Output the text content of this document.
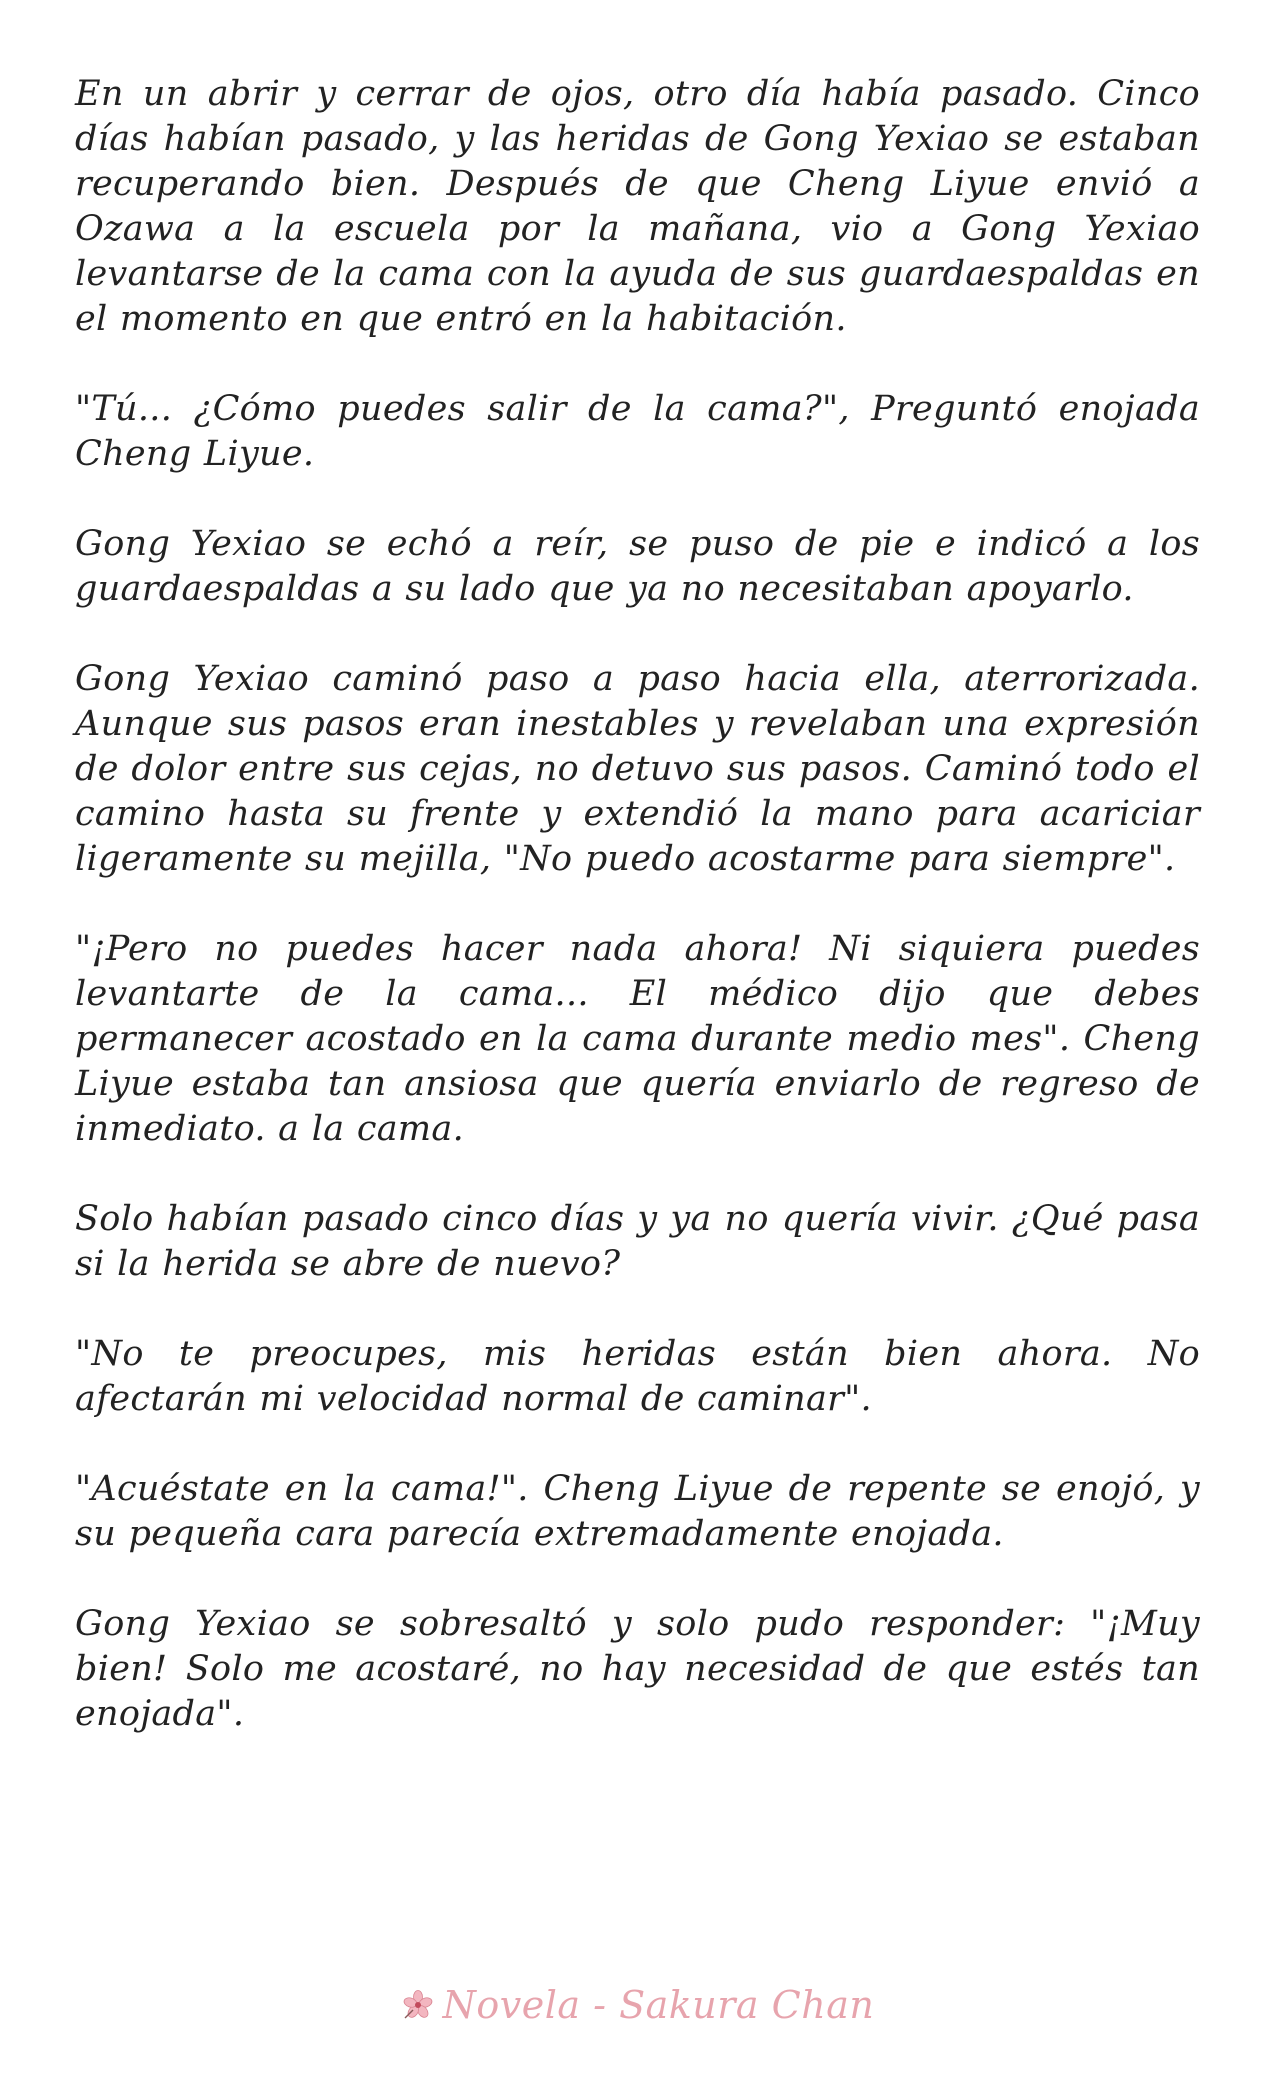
En un abrir y cerrar de ojos, otro día había pasado. Cinco días habían pasado, y las heridas de Gong Yexiao se estaban recuperando bien. Después de que Cheng Liyue envió a Ozawa a la escuela por la mañana, vio a Gong Yexiao levantarse de la cama con la ayuda de sus guardaespaldas en el momento en que entró en la habitación.

"Tú... ¿Cómo puedes salir de la cama?", Preguntó enojada Cheng Liyue.

Gong Yexiao se echó a reír, se puso de pie e indicó a los guardaespaldas a su lado que ya no necesitaban apoyarlo.

Gong Yexiao caminó paso a paso hacia ella, aterrorizada. Aunque sus pasos eran inestables y revelaban una expresión de dolor entre sus cejas, no detuvo sus pasos. Caminó todo el camino hasta su frente y extendió la mano para acariciar ligeramente su mejilla, "No puedo acostarme para siempre".

"¡Pero no puedes hacer nada ahora! Ni siquiera puedes levantarte de la cama... El médico dijo que debes permanecer acostado en la cama durante medio mes". Cheng Liyue estaba tan ansiosa que quería enviarlo de regreso de inmediato. a la cama.

Solo habían pasado cinco días y ya no quería vivir. ¿Qué pasa si la herida se abre de nuevo?

"No te preocupes, mis heridas están bien ahora. No afectarán mi velocidad normal de caminar".

"Acuéstate en la cama!". Cheng Liyue de repente se enojó, y su pequeña cara parecía extremadamente enojada.

Gong Yexiao se sobresaltó y solo pudo responder: "¡Muy bien! Solo me acostaré, no hay necesidad de que estés tan enojada".

Novela - Sakura Chan
